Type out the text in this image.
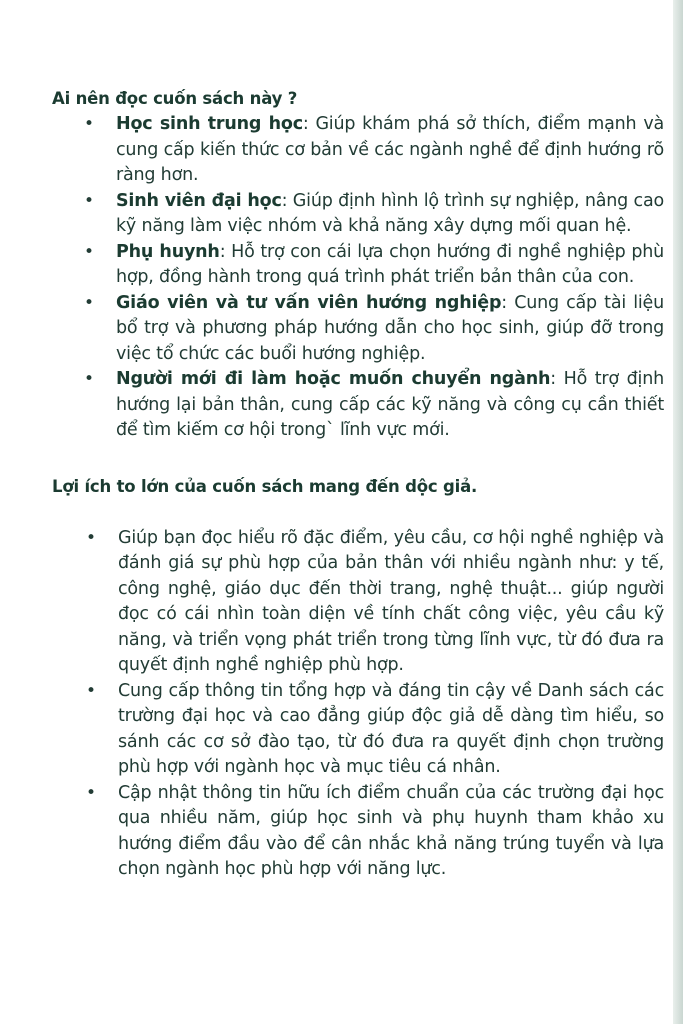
Ai nên đọc cuốn sách này ?
• Học sinh trung học: Giúp khám phá sở thích, điểm mạnh và cung cấp kiến thức cơ bản về các ngành nghề để định hướng rõ ràng hơn.
• Sinh viên đại học: Giúp định hình lộ trình sự nghiệp, nâng cao kỹ năng làm việc nhóm và khả năng xây dựng mối quan hệ.
• Phụ huynh: Hỗ trợ con cái lựa chọn hướng đi nghề nghiệp phù hợp, đồng hành trong quá trình phát triển bản thân của con.
• Giáo viên và tư vấn viên hướng nghiệp: Cung cấp tài liệu bổ trợ và phương pháp hướng dẫn cho học sinh, giúp đỡ trong việc tổ chức các buổi hướng nghiệp.
• Người mới đi làm hoặc muốn chuyển ngành: Hỗ trợ định hướng lại bản thân, cung cấp các kỹ năng và công cụ cần thiết để tìm kiếm cơ hội trong` lĩnh vực mới.
Lợi ích to lớn của cuốn sách mang đến dộc giả.
• Giúp bạn đọc hiểu rõ đặc điểm, yêu cầu, cơ hội nghề nghiệp và đánh giá sự phù hợp của bản thân với nhiều ngành như: y tế, công nghệ, giáo dục đến thời trang, nghệ thuật... giúp người đọc có cái nhìn toàn diện về tính chất công việc, yêu cầu kỹ năng, và triển vọng phát triển trong từng lĩnh vực, từ đó đưa ra quyết định nghề nghiệp phù hợp.
• Cung cấp thông tin tổng hợp và đáng tin cậy về Danh sách các trường đại học và cao đẳng giúp độc giả dễ dàng tìm hiểu, so sánh các cơ sở đào tạo, từ đó đưa ra quyết định chọn trường phù hợp với ngành học và mục tiêu cá nhân.
• Cập nhật thông tin hữu ích điểm chuẩn của các trường đại học qua nhiều năm, giúp học sinh và phụ huynh tham khảo xu hướng điểm đầu vào để cân nhắc khả năng trúng tuyển và lựa chọn ngành học phù hợp với năng lực.
